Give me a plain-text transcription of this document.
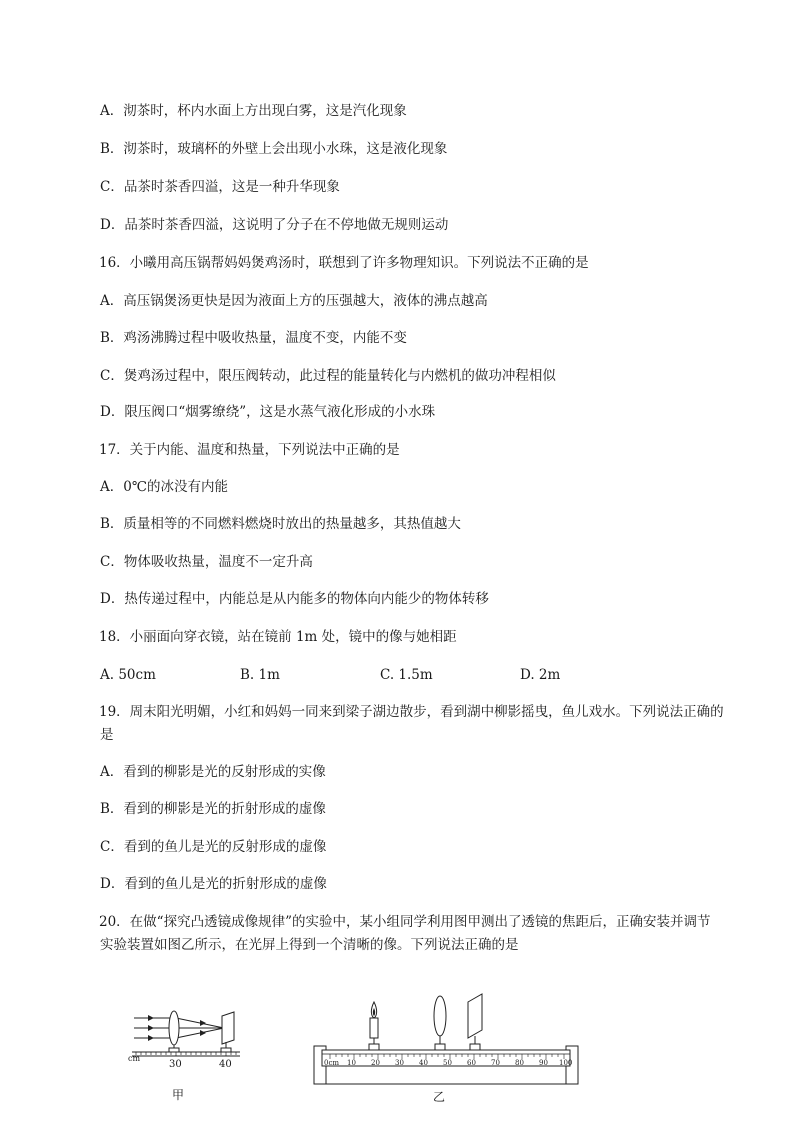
A．沏茶时，杯内水面上方出现白雾，这是汽化现象
B．沏茶时，玻璃杯的外壁上会出现小水珠，这是液化现象
C．品茶时茶香四溢，这是一种升华现象
D．品茶时茶香四溢，这说明了分子在不停地做无规则运动
16．小曦用高压锅帮妈妈煲鸡汤时，联想到了许多物理知识。下列说法不正确的是
A．高压锅煲汤更快是因为液面上方的压强越大，液体的沸点越高
B．鸡汤沸腾过程中吸收热量，温度不变，内能不变
C．煲鸡汤过程中，限压阀转动，此过程的能量转化与内燃机的做功冲程相似
D．限压阀口“烟雾缭绕”，这是水蒸气液化形成的小水珠
17．关于内能、温度和热量，下列说法中正确的是
A．0℃的冰没有内能
B．质量相等的不同燃料燃烧时放出的热量越多，其热值越大
C．物体吸收热量，温度不一定升高
D．热传递过程中，内能总是从内能多的物体向内能少的物体转移
18．小丽面向穿衣镜，站在镜前 1m 处，镜中的像与她相距
A. 50cm	B. 1m	C. 1.5m	D. 2m
19．周末阳光明媚，小红和妈妈一同来到梁子湖边散步，看到湖中柳影摇曳，鱼儿戏水。下列说法正确的
是
A．看到的柳影是光的反射形成的实像
B．看到的柳影是光的折射形成的虚像
C．看到的鱼儿是光的反射形成的虚像
D．看到的鱼儿是光的折射形成的虚像
20．在做“探究凸透镜成像规律”的实验中，某小组同学利用图甲测出了透镜的焦距后，正确安装并调节
实验装置如图乙所示，在光屏上得到一个清晰的像。下列说法正确的是
cm
30	40
甲
0cm 10 20 30 40 50 60 70 80 90 100
乙
